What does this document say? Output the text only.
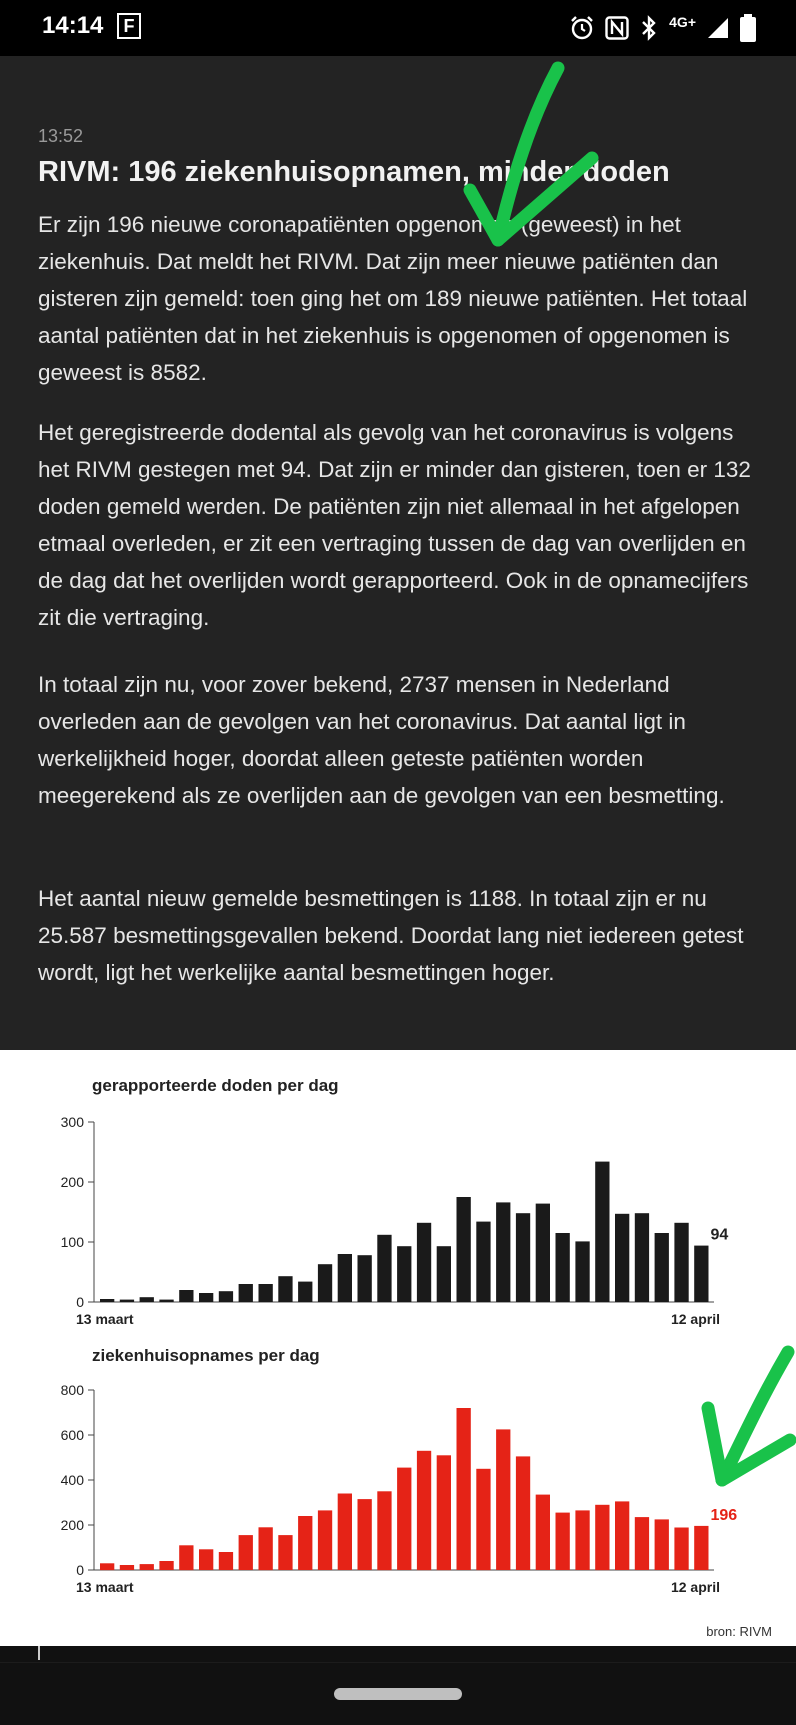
14:14	F	4G+
13:52
RIVM: 196 ziekenhuisopnamen, minder doden

Er zijn 196 nieuwe coronapatiënten opgenomen (geweest) in het ziekenhuis. Dat meldt het RIVM. Dat zijn meer nieuwe patiënten dan gisteren zijn gemeld: toen ging het om 189 nieuwe patiënten. Het totaal aantal patiënten dat in het ziekenhuis is opgenomen of opgenomen is geweest is 8582.

Het geregistreerde dodental als gevolg van het coronavirus is volgens het RIVM gestegen met 94. Dat zijn er minder dan gisteren, toen er 132 doden gemeld werden. De patiënten zijn niet allemaal in het afgelopen etmaal overleden, er zit een vertraging tussen de dag van overlijden en de dag dat het overlijden wordt gerapporteerd. Ook in de opnamecijfers zit die vertraging.

In totaal zijn nu, voor zover bekend, 2737 mensen in Nederland overleden aan de gevolgen van het coronavirus. Dat aantal ligt in werkelijkheid hoger, doordat alleen geteste patiënten worden meegerekend als ze overlijden aan de gevolgen van een besmetting.

Het aantal nieuw gemelde besmettingen is 1188. In totaal zijn er nu 25.587 besmettingsgevallen bekend. Doordat lang niet iedereen getest wordt, ligt het werkelijke aantal besmettingen hoger.

gerapporteerde doden per dag
ziekenhuisopnames per dag
0
100
200
300
94
13 maart	12 april
0
200
400
600
800
196
13 maart	12 april
bron: RIVM
